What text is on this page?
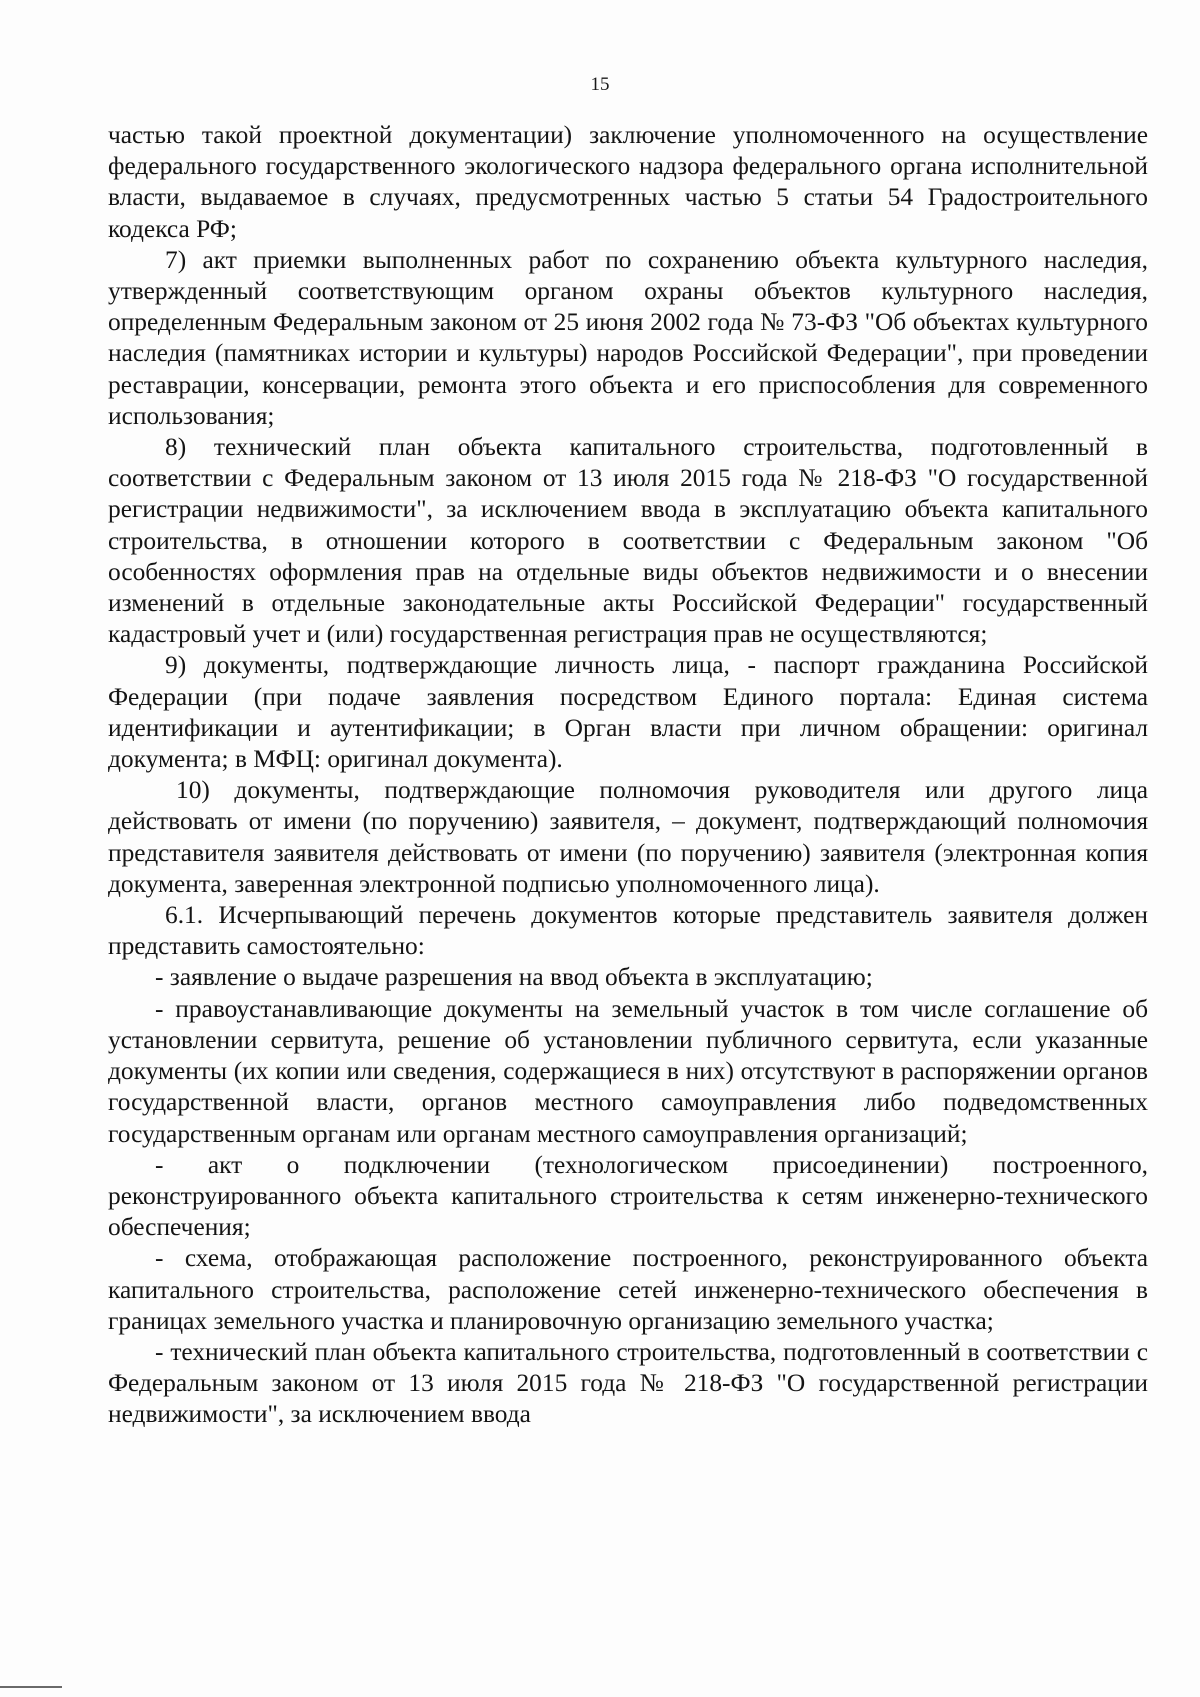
15

частью такой проектной документации) заключение уполномоченного на осуществление федерального государственного экологического надзора федерального органа исполнительной власти, выдаваемое в случаях, предусмотренных частью 5 статьи 54 Градостроительного кодекса РФ;

7) акт приемки выполненных работ по сохранению объекта культурного наследия, утвержденный соответствующим органом охраны объектов культурного наследия, определенным Федеральным законом от 25 июня 2002 года № 73-ФЗ "Об объектах культурного наследия (памятниках истории и культуры) народов Российской Федерации", при проведении реставрации, консервации, ремонта этого объекта и его приспособления для современного использования;

8) технический план объекта капитального строительства, подготовленный в соответствии с Федеральным законом от 13 июля 2015 года № 218-ФЗ "О государственной регистрации недвижимости", за исключением ввода в эксплуатацию объекта капитального строительства, в отношении которого в соответствии с Федеральным законом "Об особенностях оформления прав на отдельные виды объектов недвижимости и о внесении изменений в отдельные законодательные акты Российской Федерации" государственный кадастровый учет и (или) государственная регистрация прав не осуществляются;

9) документы, подтверждающие личность лица, - паспорт гражданина Российской Федерации (при подаче заявления посредством Единого портала: Единая система идентификации и аутентификации; в Орган власти при личном обращении: оригинал документа; в МФЦ: оригинал документа).

10) документы, подтверждающие полномочия руководителя или другого лица действовать от имени (по поручению) заявителя, – документ, подтверждающий полномочия представителя заявителя действовать от имени (по поручению) заявителя (электронная копия документа, заверенная электронной подписью уполномоченного лица).

6.1. Исчерпывающий перечень документов которые представитель заявителя должен представить самостоятельно:

- заявление о выдаче разрешения на ввод объекта в эксплуатацию;

- правоустанавливающие документы на земельный участок в том числе соглашение об установлении сервитута, решение об установлении публичного сервитута, если указанные документы (их копии или сведения, содержащиеся в них) отсутствуют в распоряжении органов государственной власти, органов местного самоуправления либо подведомственных государственным органам или органам местного самоуправления организаций;

- акт о подключении (технологическом присоединении) построенного, реконструированного объекта капитального строительства к сетям инженерно-технического обеспечения;

- схема, отображающая расположение построенного, реконструированного объекта капитального строительства, расположение сетей инженерно-технического обеспечения в границах земельного участка и планировочную организацию земельного участка;

- технический план объекта капитального строительства, подготовленный в соответствии с Федеральным законом от 13 июля 2015 года № 218-ФЗ "О государственной регистрации недвижимости", за исключением ввода
